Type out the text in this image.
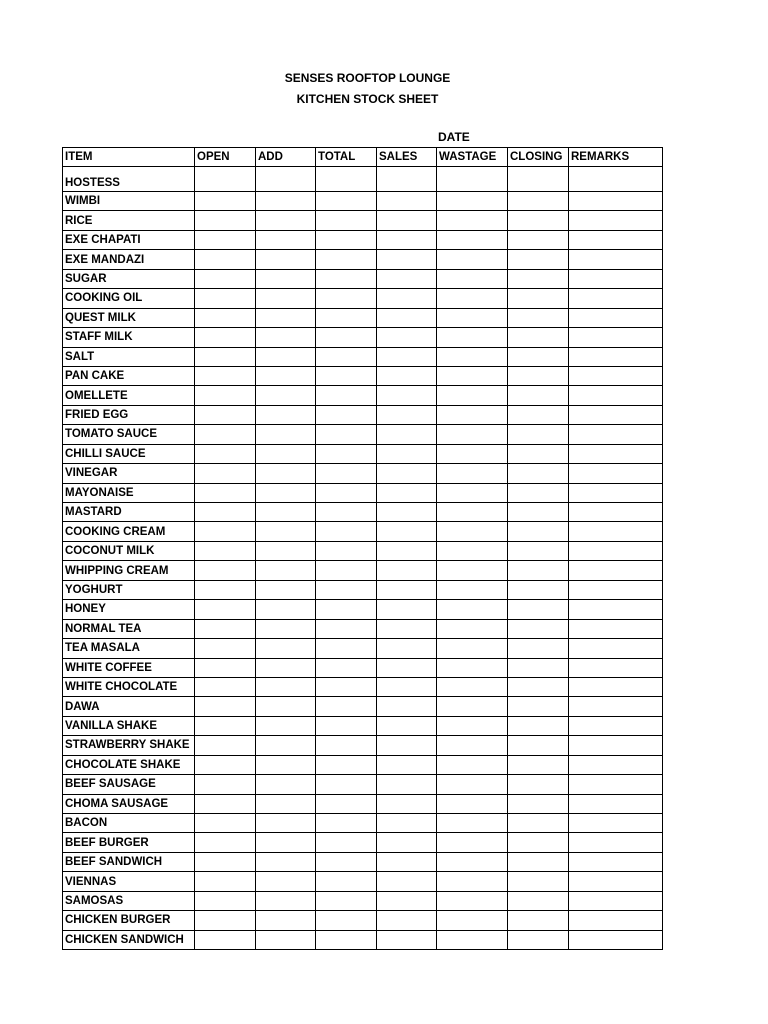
SENSES ROOFTOP LOUNGE
KITCHEN STOCK SHEET
DATE
ITEM	OPEN	ADD	TOTAL	SALES	WASTAGE	CLOSING	REMARKS
HOSTESS							
WIMBI							
RICE							
EXE CHAPATI							
EXE MANDAZI							
SUGAR							
COOKING OIL							
QUEST MILK							
STAFF MILK							
SALT							
PAN CAKE							
OMELLETE							
FRIED EGG							
TOMATO SAUCE							
CHILLI SAUCE							
VINEGAR							
MAYONAISE							
MASTARD							
COOKING CREAM							
COCONUT MILK							
WHIPPING CREAM							
YOGHURT							
HONEY							
NORMAL TEA							
TEA MASALA							
WHITE COFFEE							
WHITE CHOCOLATE							
DAWA							
VANILLA SHAKE							
STRAWBERRY SHAKE							
CHOCOLATE SHAKE							
BEEF SAUSAGE							
CHOMA SAUSAGE							
BACON							
BEEF BURGER							
BEEF SANDWICH							
VIENNAS							
SAMOSAS							
CHICKEN BURGER							
CHICKEN SANDWICH							
